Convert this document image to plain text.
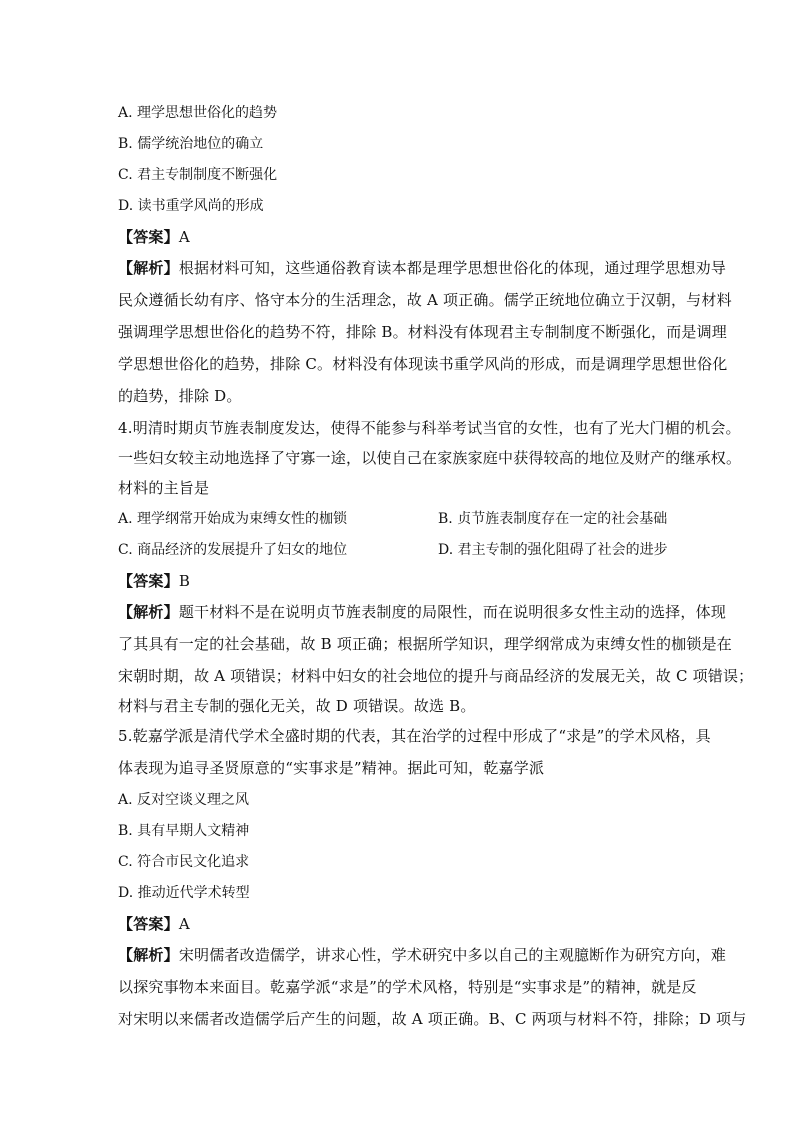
A. 理学思想世俗化的趋势
B. 儒学统治地位的确立
C. 君主专制制度不断强化
D. 读书重学风尚的形成
【答案】A
【解析】根据材料可知，这些通俗教育读本都是理学思想世俗化的体现，通过理学思想劝导
民众遵循长幼有序、恪守本分的生活理念，故 A 项正确。儒学正统地位确立于汉朝，与材料
强调理学思想世俗化的趋势不符，排除 B。材料没有体现君主专制制度不断强化，而是调理
学思想世俗化的趋势，排除 C。材料没有体现读书重学风尚的形成，而是调理学思想世俗化
的趋势，排除 D。
4.明清时期贞节旌表制度发达，使得不能参与科举考试当官的女性，也有了光大门楣的机会。
一些妇女较主动地选择了守寡一途，以使自己在家族家庭中获得较高的地位及财产的继承权。
材料的主旨是
A. 理学纲常开始成为束缚女性的枷锁	B. 贞节旌表制度存在一定的社会基础
C. 商品经济的发展提升了妇女的地位	D. 君主专制的强化阻碍了社会的进步
【答案】B
【解析】题干材料不是在说明贞节旌表制度的局限性，而在说明很多女性主动的选择，体现
了其具有一定的社会基础，故 B 项正确；根据所学知识，理学纲常成为束缚女性的枷锁是在
宋朝时期，故 A 项错误；材料中妇女的社会地位的提升与商品经济的发展无关，故 C 项错误；
材料与君主专制的强化无关，故 D 项错误。故选 B。
5.乾嘉学派是清代学术全盛时期的代表，其在治学的过程中形成了“求是”的学术风格，具
体表现为追寻圣贤原意的“实事求是”精神。据此可知，乾嘉学派
A. 反对空谈义理之风
B. 具有早期人文精神
C. 符合市民文化追求
D. 推动近代学术转型
【答案】A
【解析】宋明儒者改造儒学，讲求心性，学术研究中多以自己的主观臆断作为研究方向，难
以探究事物本来面目。乾嘉学派“求是”的学术风格，特别是“实事求是”的精神，就是反
对宋明以来儒者改造儒学后产生的问题，故 A 项正确。B、C 两项与材料不符，排除；D 项与
